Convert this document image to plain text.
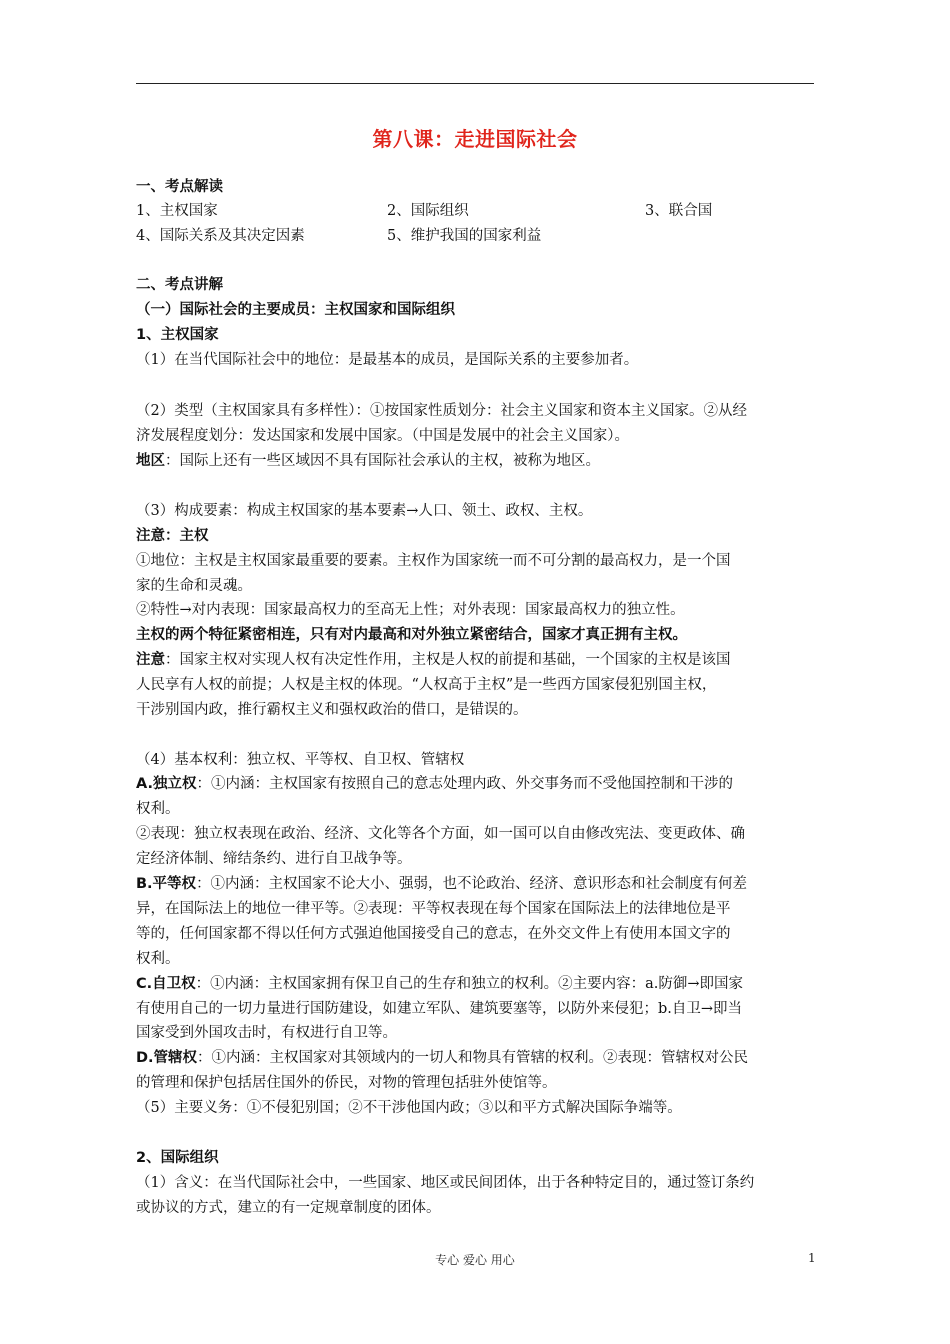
第八课：走进国际社会
一、考点解读
1、主权国家	2、国际组织	3、联合国
4、国际关系及其决定因素	5、维护我国的国家利益
二、考点讲解
（一）国际社会的主要成员：主权国家和国际组织
1、主权国家
（1）在当代国际社会中的地位：是最基本的成员，是国际关系的主要参加者。
（2）类型（主权国家具有多样性）：①按国家性质划分：社会主义国家和资本主义国家。②从经
济发展程度划分：发达国家和发展中国家。（中国是发展中的社会主义国家）。
地区：国际上还有一些区域因不具有国际社会承认的主权，被称为地区。
（3）构成要素：构成主权国家的基本要素→人口、领土、政权、主权。
注意：主权
①地位：主权是主权国家最重要的要素。主权作为国家统一而不可分割的最高权力，是一个国
家的生命和灵魂。
②特性→对内表现：国家最高权力的至高无上性；对外表现：国家最高权力的独立性。
主权的两个特征紧密相连，只有对内最高和对外独立紧密结合，国家才真正拥有主权。
注意：国家主权对实现人权有决定性作用，主权是人权的前提和基础，一个国家的主权是该国
人民享有人权的前提；人权是主权的体现。“人权高于主权”是一些西方国家侵犯别国主权，
干涉别国内政，推行霸权主义和强权政治的借口，是错误的。
（4）基本权利：独立权、平等权、自卫权、管辖权
A.独立权：①内涵：主权国家有按照自己的意志处理内政、外交事务而不受他国控制和干涉的
权利。
②表现：独立权表现在政治、经济、文化等各个方面，如一国可以自由修改宪法、变更政体、确
定经济体制、缔结条约、进行自卫战争等。
B.平等权：①内涵：主权国家不论大小、强弱，也不论政治、经济、意识形态和社会制度有何差
异，在国际法上的地位一律平等。②表现：平等权表现在每个国家在国际法上的法律地位是平
等的，任何国家都不得以任何方式强迫他国接受自己的意志，在外交文件上有使用本国文字的
权利。
C.自卫权：①内涵：主权国家拥有保卫自己的生存和独立的权利。②主要内容：a.防御→即国家
有使用自己的一切力量进行国防建设，如建立军队、建筑要塞等，以防外来侵犯；b.自卫→即当
国家受到外国攻击时，有权进行自卫等。
D.管辖权：①内涵：主权国家对其领域内的一切人和物具有管辖的权利。②表现：管辖权对公民
的管理和保护包括居住国外的侨民，对物的管理包括驻外使馆等。
（5）主要义务：①不侵犯别国；②不干涉他国内政；③以和平方式解决国际争端等。
2、国际组织
（1）含义：在当代国际社会中，一些国家、地区或民间团体，出于各种特定目的，通过签订条约
或协议的方式，建立的有一定规章制度的团体。
专心 爱心 用心	1
